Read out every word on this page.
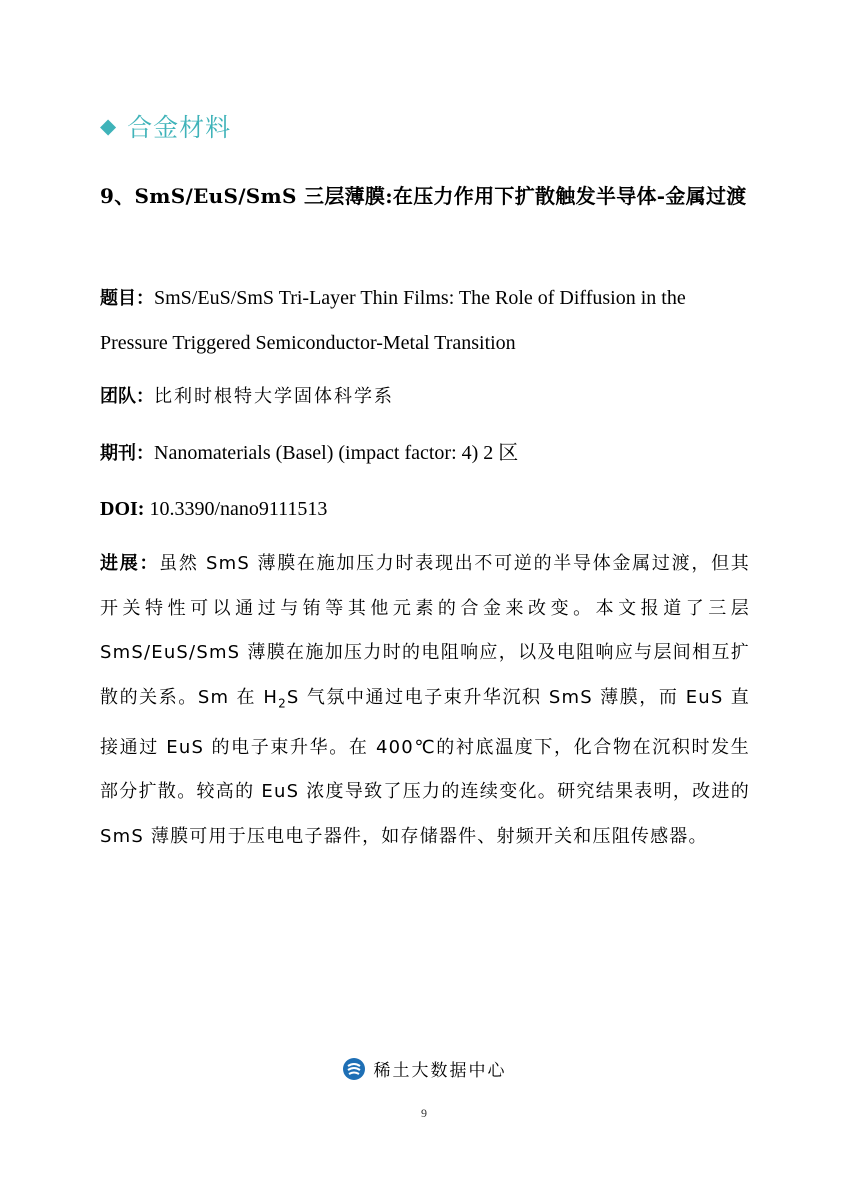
◆ 合金材料
9、SmS/EuS/SmS 三层薄膜:在压力作用下扩散触发半导体-金属过渡
题目：SmS/EuS/SmS Tri-Layer Thin Films: The Role of Diffusion in the Pressure Triggered Semiconductor-Metal Transition
团队：比利时根特大学固体科学系
期刊：Nanomaterials (Basel) (impact factor: 4) 2 区
DOI: 10.3390/nano9111513
进展：虽然 SmS 薄膜在施加压力时表现出不可逆的半导体金属过渡，但其开关特性可以通过与铕等其他元素的合金来改变。本文报道了三层 SmS/EuS/SmS 薄膜在施加压力时的电阻响应，以及电阻响应与层间相互扩散的关系。Sm 在 $H_2S$ 气氛中通过电子束升华沉积 SmS 薄膜，而 EuS 直接通过 EuS 的电子束升华。在 400℃的衬底温度下，化合物在沉积时发生部分扩散。较高的 EuS 浓度导致了压力的连续变化。研究结果表明，改进的 SmS 薄膜可用于压电电子器件，如存储器件、射频开关和压阻传感器。
稀土大数据中心
9
